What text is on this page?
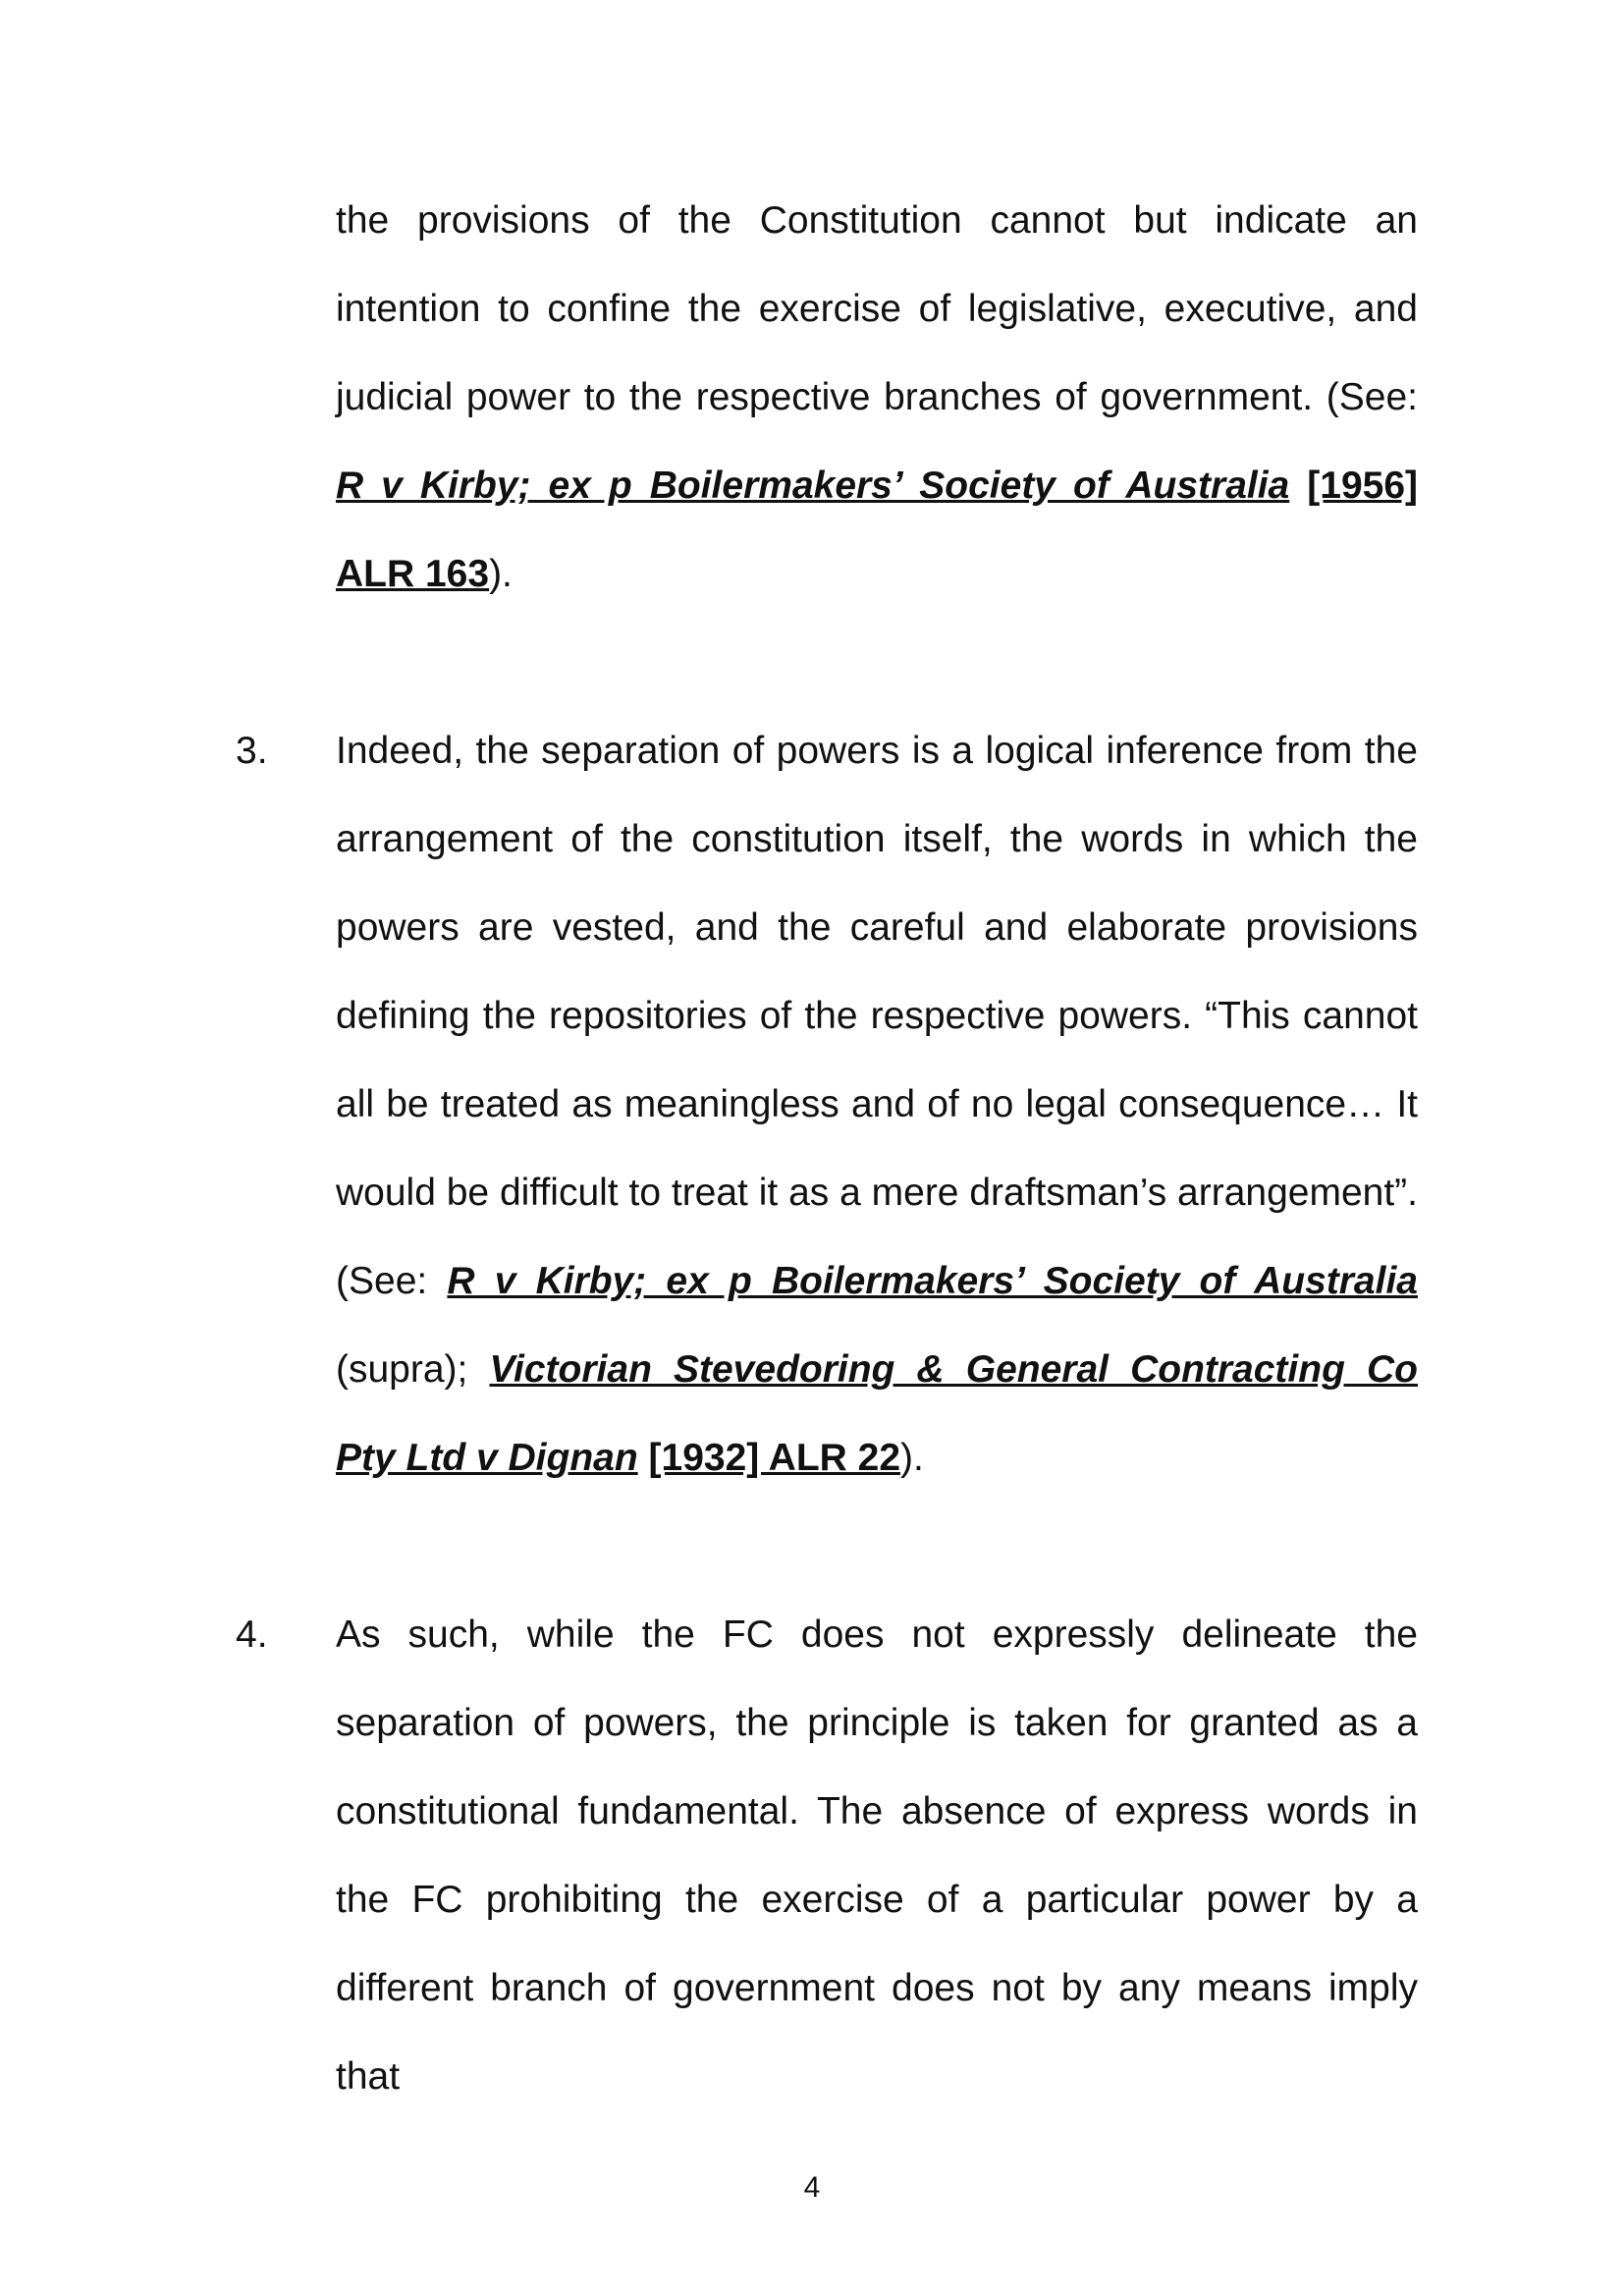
the provisions of the Constitution cannot but indicate an intention to confine the exercise of legislative, executive, and judicial power to the respective branches of government. (See: R v Kirby; ex p Boilermakers’ Society of Australia [1956] ALR 163).
3. Indeed, the separation of powers is a logical inference from the arrangement of the constitution itself, the words in which the powers are vested, and the careful and elaborate provisions defining the repositories of the respective powers. “This cannot all be treated as meaningless and of no legal consequence… It would be difficult to treat it as a mere draftsman’s arrangement”. (See: R v Kirby; ex p Boilermakers’ Society of Australia (supra); Victorian Stevedoring & General Contracting Co Pty Ltd v Dignan [1932] ALR 22).
4. As such, while the FC does not expressly delineate the separation of powers, the principle is taken for granted as a constitutional fundamental. The absence of express words in the FC prohibiting the exercise of a particular power by a different branch of government does not by any means imply that
4
